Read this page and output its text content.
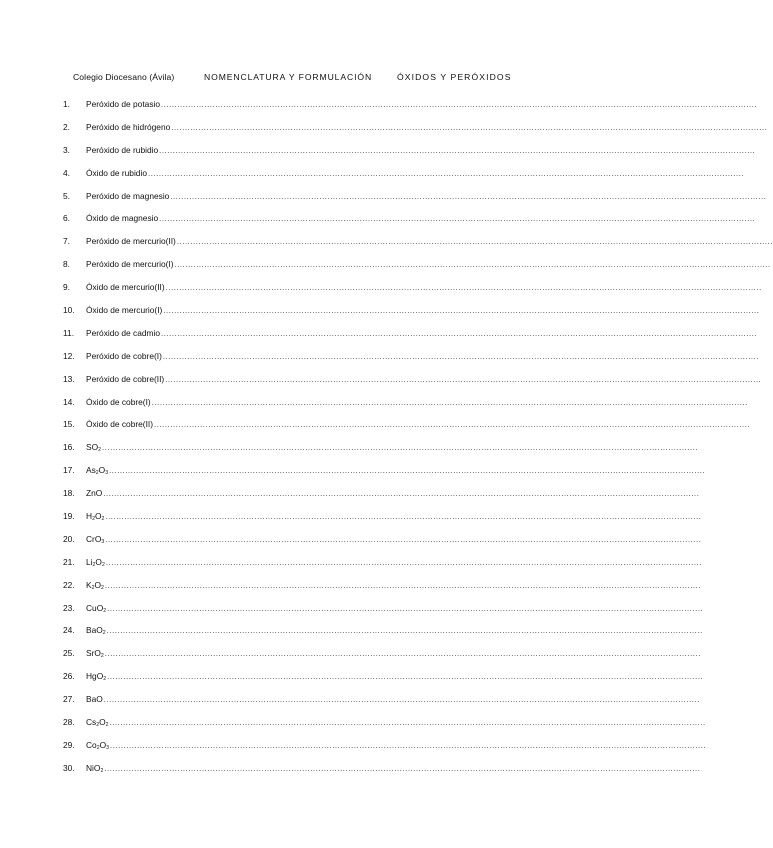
Colegio Diocesano (Ávila)	NOMENCLATURA Y FORMULACIÓN	ÓXIDOS Y PERÓXIDOS
1.	Peróxido de potasio ............................................................................................................................................................................................................................
2.	Peróxido de hidrógeno ............................................................................................................................................................................................................................
3.	Peróxido de rubidio ............................................................................................................................................................................................................................
4.	Óxido de rubidio ............................................................................................................................................................................................................................
5.	Peróxido de magnesio ............................................................................................................................................................................................................................
6.	Óxido de magnesio ............................................................................................................................................................................................................................
7.	Peróxido de mercurio(II) ............................................................................................................................................................................................................................
8.	Peróxido de mercurio(I) ............................................................................................................................................................................................................................
9.	Óxido de mercurio(II) ............................................................................................................................................................................................................................
10.	Óxido de mercurio(I) ............................................................................................................................................................................................................................
11.	Peróxido de cadmio ............................................................................................................................................................................................................................
12.	Peróxido de cobre(I) ............................................................................................................................................................................................................................
13.	Peróxido de cobre(II) ............................................................................................................................................................................................................................
14.	Óxido de cobre(I) ............................................................................................................................................................................................................................
15.	Óxido de cobre(II) ............................................................................................................................................................................................................................
16.	$SO_2$ ............................................................................................................................................................................................................................
17.	$As_2O_3$ ............................................................................................................................................................................................................................
18.	ZnO ............................................................................................................................................................................................................................
19.	$H_2O_2$ ............................................................................................................................................................................................................................
20.	CrO$_3$ ............................................................................................................................................................................................................................
21.	$Li_2O_2$ ............................................................................................................................................................................................................................
22.	$K_2O_2$ ............................................................................................................................................................................................................................
23.	CuO$_2$ ............................................................................................................................................................................................................................
24.	BaO$_2$ ............................................................................................................................................................................................................................
25.	SrO$_2$ ............................................................................................................................................................................................................................
26.	HgO$_2$ ............................................................................................................................................................................................................................
27.	BaO ............................................................................................................................................................................................................................
28.	$Cs_2O_2$ ............................................................................................................................................................................................................................
29.	$Co_2O_3$ ............................................................................................................................................................................................................................
30.	NiO$_2$ ............................................................................................................................................................................................................................
